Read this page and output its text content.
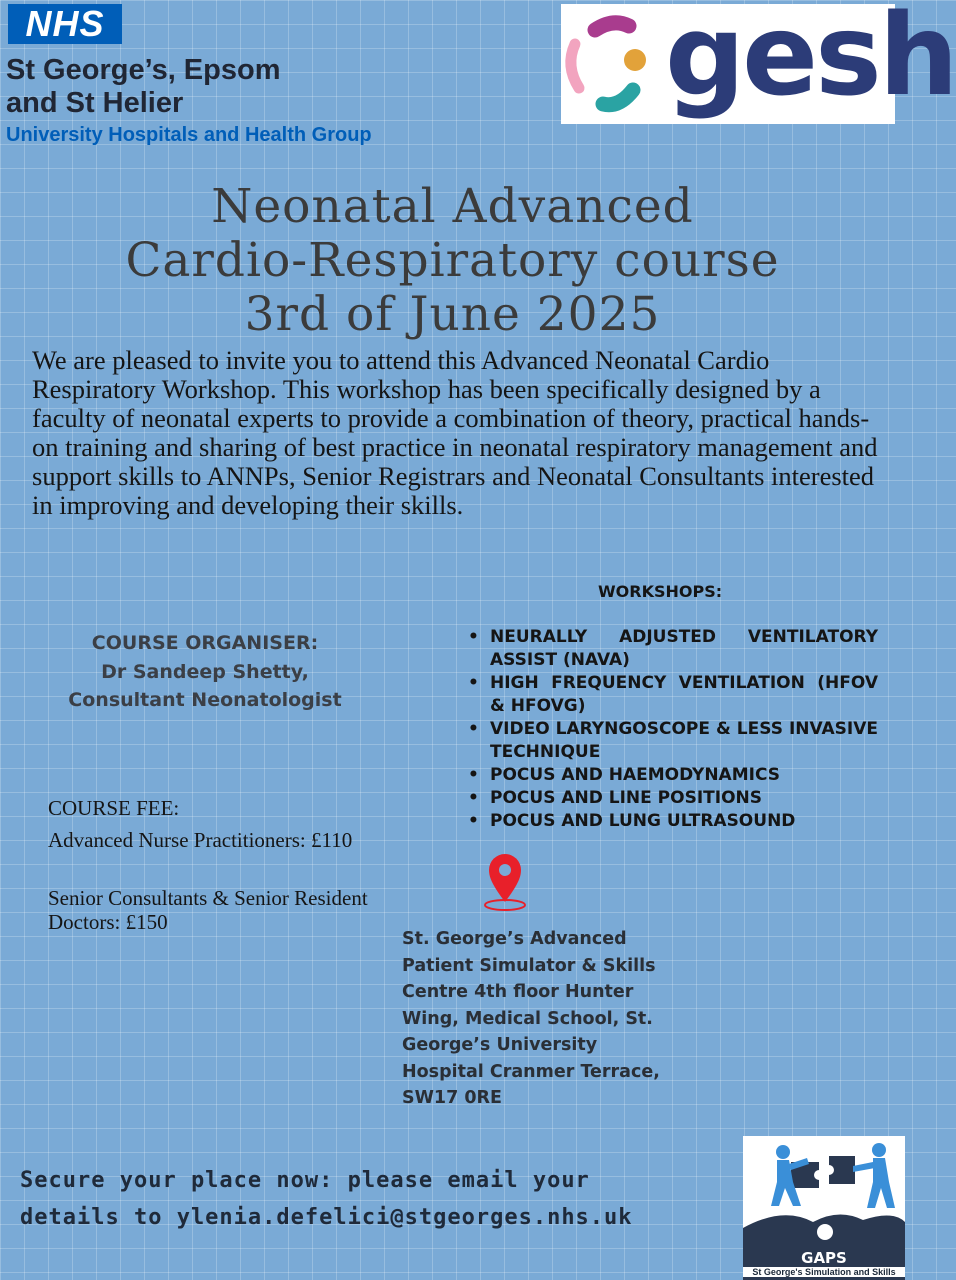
NHS
St George’s, Epsom
and St Helier
University Hospitals and Health Group
gesh
Neonatal Advanced
Cardio-Respiratory course
3rd of June 2025
We are pleased to invite you to attend this Advanced Neonatal Cardio Respiratory Workshop. This workshop has been specifically designed by a faculty of neonatal experts to provide a combination of theory, practical hands-on training and sharing of best practice in neonatal respiratory management and support skills to ANNPs, Senior Registrars and Neonatal Consultants interested in improving and developing their skills.
WORKSHOPS:
• NEURALLY ADJUSTED VENTILATORY ASSIST (NAVA)
• HIGH FREQUENCY VENTILATION (HFOV & HFOVG)
• VIDEO LARYNGOSCOPE & LESS INVASIVE TECHNIQUE
• POCUS AND HAEMODYNAMICS
• POCUS AND LINE POSITIONS
• POCUS AND LUNG ULTRASOUND
COURSE ORGANISER:
Dr Sandeep Shetty,
Consultant Neonatologist
COURSE FEE:
Advanced Nurse Practitioners: £110
Senior Consultants & Senior Resident Doctors: £150
St. George’s Advanced Patient Simulator & Skills Centre 4th floor Hunter Wing, Medical School, St. George’s University Hospital Cranmer Terrace, SW17 0RE
Secure your place now: please email your
details to ylenia.defelici@stgeorges.nhs.uk
GAPS
St George's Simulation and Skills
